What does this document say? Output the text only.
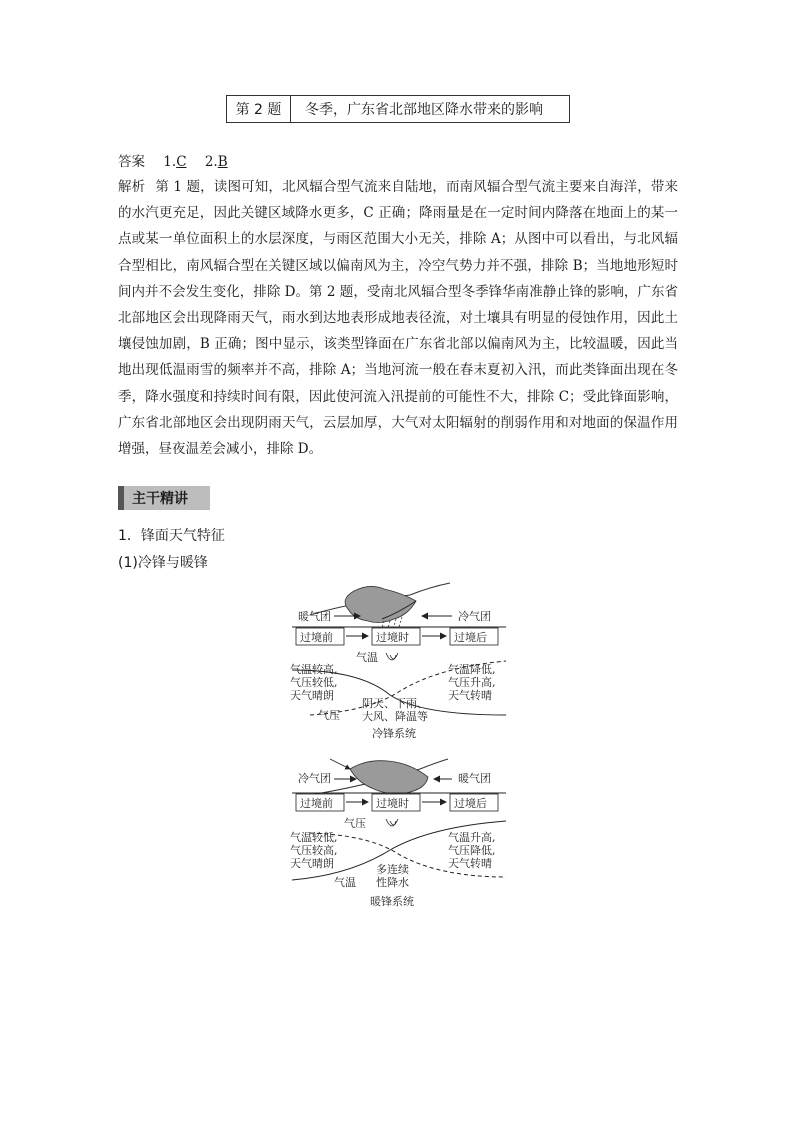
第 2 题	冬季，广东省北部地区降水带来的影响
答案 1.C 2.B
解析 第 1 题，读图可知，北风辐合型气流来自陆地，而南风辐合型气流主要来自海洋，带来的水汽更充足，因此关键区域降水更多，C 正确；降雨量是在一定时间内降落在地面上的某一点或某一单位面积上的水层深度，与雨区范围大小无关，排除 A；从图中可以看出，与北风辐合型相比，南风辐合型在关键区域以偏南风为主，冷空气势力并不强，排除 B；当地地形短时间内并不会发生变化，排除 D。第 2 题，受南北风辐合型冬季锋华南准静止锋的影响，广东省北部地区会出现降雨天气，雨水到达地表形成地表径流，对土壤具有明显的侵蚀作用，因此土壤侵蚀加剧，B 正确；图中显示，该类型锋面在广东省北部以偏南风为主，比较温暖，因此当地出现低温雨雪的频率并不高，排除 A；当地河流一般在春末夏初入汛，而此类锋面出现在冬季，降水强度和持续时间有限，因此使河流入汛提前的可能性不大，排除 C；受此锋面影响，广东省北部地区会出现阴雨天气，云层加厚，大气对太阳辐射的削弱作用和对地面的保温作用增强，昼夜温差会减小，排除 D。
主干精讲
1．锋面天气特征
(1)冷锋与暖锋
暖气团	冷气团
过境前	过境时	过境后
气温
气温较高,
气压较低,
天气晴朗
气温降低,
气压升高,
天气转晴
气压
阴天、下雨、
大风、降温等
冷锋系统
冷气团	暖气团
过境前	过境时	过境后
气压
气温较低,
气压较高,
天气晴朗
气温升高,
气压降低,
天气转晴
多连续
性降水
气温
暖锋系统
